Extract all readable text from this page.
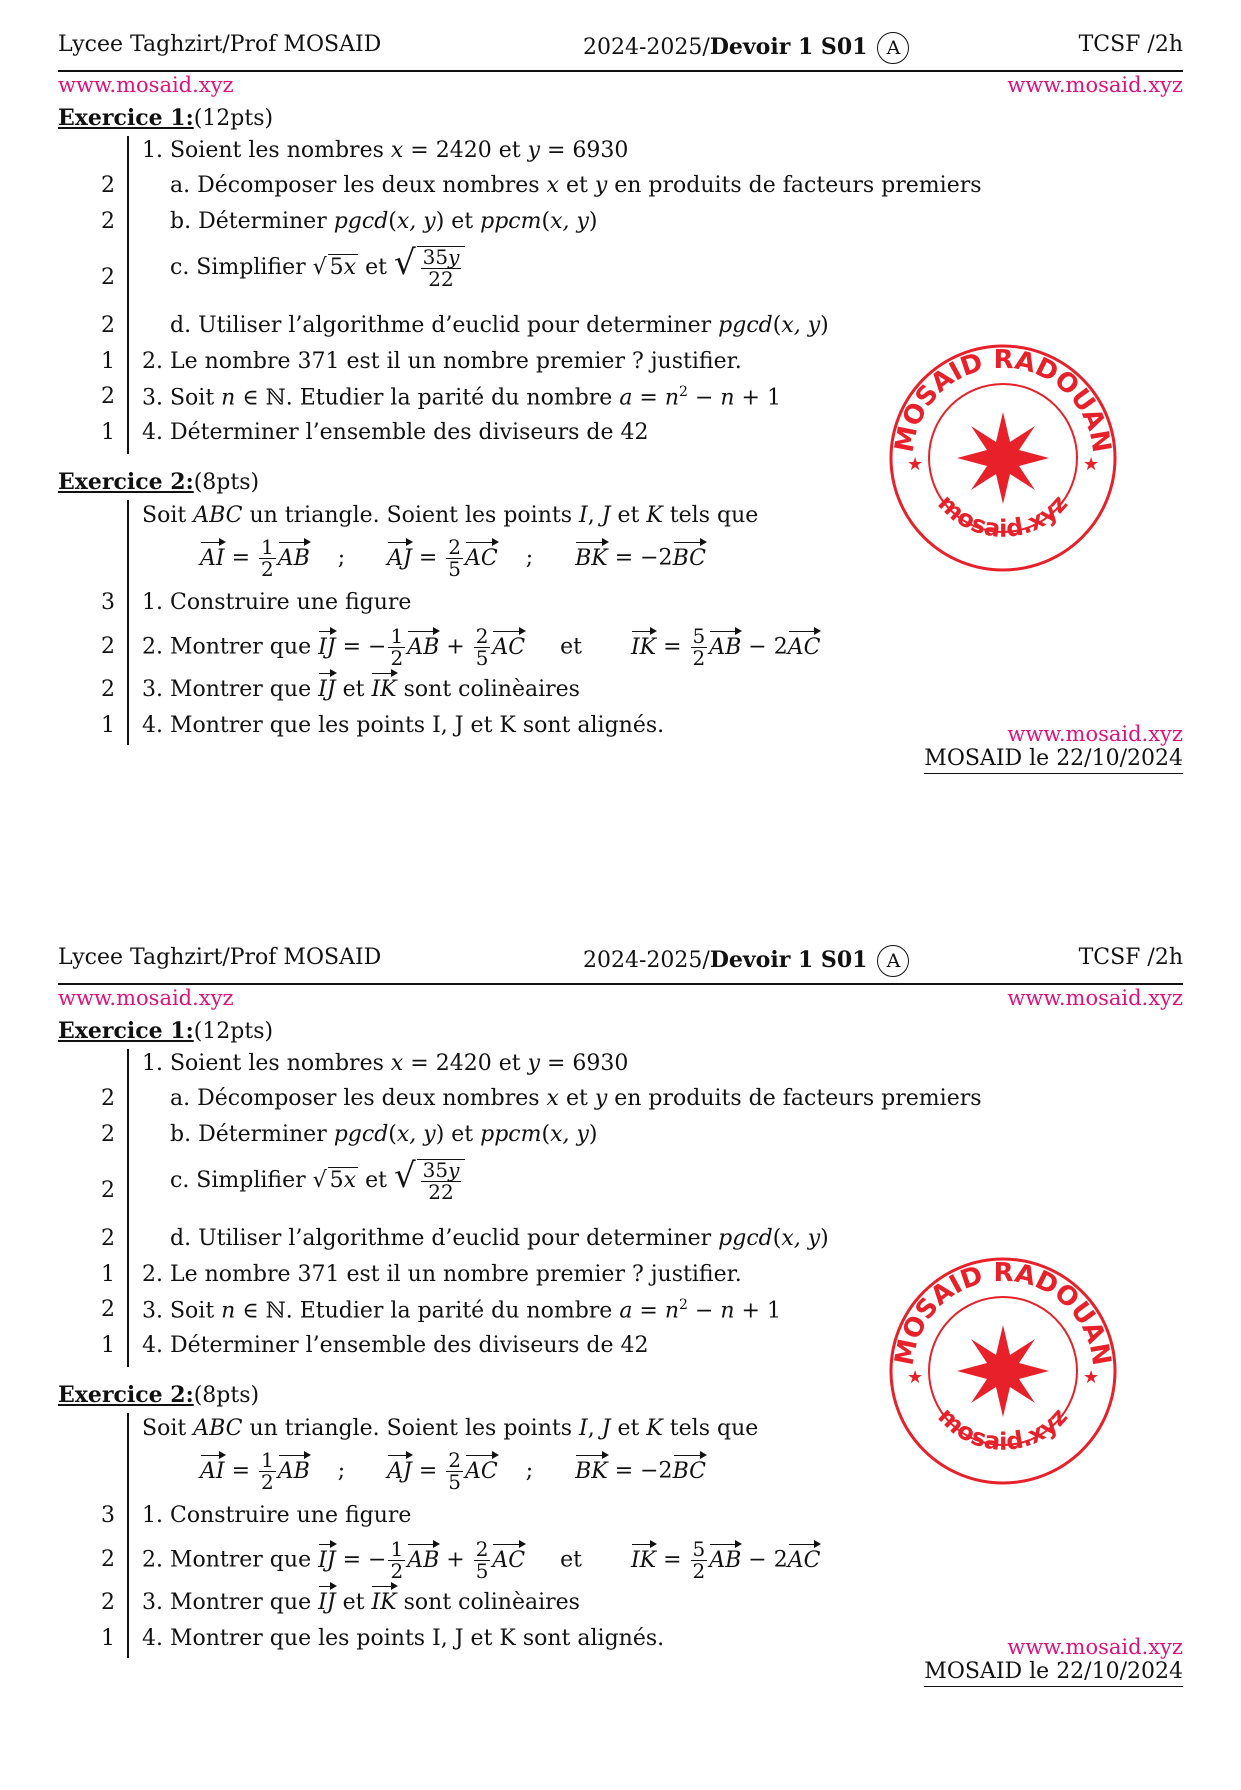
Lycee Taghzirt/Prof MOSAID	2024-2025/Devoir 1 S01 A	TCSF /2h
www.mosaid.xyz	www.mosaid.xyz
Exercice 1:(12pts)
1. Soient les nombres x = 2420 et y = 6930
2	a. Décomposer les deux nombres x et y en produits de facteurs premiers
2	b. Déterminer pgcd(x, y) et ppcm(x, y)
2	c. Simplifier √ 5x et √ $\frac{35y}{22}$
2	d. Utiliser l’algorithme d’euclid pour determiner pgcd(x, y)
1 2. Le nombre 371 est il un nombre premier ? justifier.
2 3. Soit n ∈ ℕ. Etudier la parité du nombre $a = n^2 - n + 1$
1 4. Déterminer l’ensemble des diviseurs de 42
Exercice 2:(8pts)
Soit ABC un triangle. Soient les points I, J et K tels que
AI = $\frac{1}{2}$ AB    ;      AJ = $\frac{2}{5}$ AC    ;      BK = −2BC
3 1. Construire une figure
2 2. Montrer que IJ = − $\frac{1}{2}$ AB + $\frac{2}{5}$ AC     et       IK = $\frac{5}{2}$ AB − 2AC
2 3. Montrer que IJ et IK sont colinèaires
1 4. Montrer que les points I, J et K sont alignés.	www.mosaid.xyz
MOSAID le 22/10/2024
MOSAID RADOUAN
mosaid.xyz
★	★
Lycee Taghzirt/Prof MOSAID	2024-2025/Devoir 1 S01 A	TCSF /2h
www.mosaid.xyz	www.mosaid.xyz
Exercice 1:(12pts)
1. Soient les nombres x = 2420 et y = 6930
2	a. Décomposer les deux nombres x et y en produits de facteurs premiers
2	b. Déterminer pgcd(x, y) et ppcm(x, y)
2	c. Simplifier √ 5x et √ $\frac{35y}{22}$
2	d. Utiliser l’algorithme d’euclid pour determiner pgcd(x, y)
1 2. Le nombre 371 est il un nombre premier ? justifier.
2 3. Soit n ∈ ℕ. Etudier la parité du nombre $a = n^2 - n + 1$
1 4. Déterminer l’ensemble des diviseurs de 42
Exercice 2:(8pts)
Soit ABC un triangle. Soient les points I, J et K tels que
AI = $\frac{1}{2}$ AB    ;      AJ = $\frac{2}{5}$ AC    ;      BK = −2BC
3 1. Construire une figure
2 2. Montrer que IJ = − $\frac{1}{2}$ AB + $\frac{2}{5}$ AC     et       IK = $\frac{5}{2}$ AB − 2AC
2 3. Montrer que IJ et IK sont colinèaires
1 4. Montrer que les points I, J et K sont alignés.	www.mosaid.xyz
MOSAID le 22/10/2024
MOSAID RADOUAN
mosaid.xyz
★	★
